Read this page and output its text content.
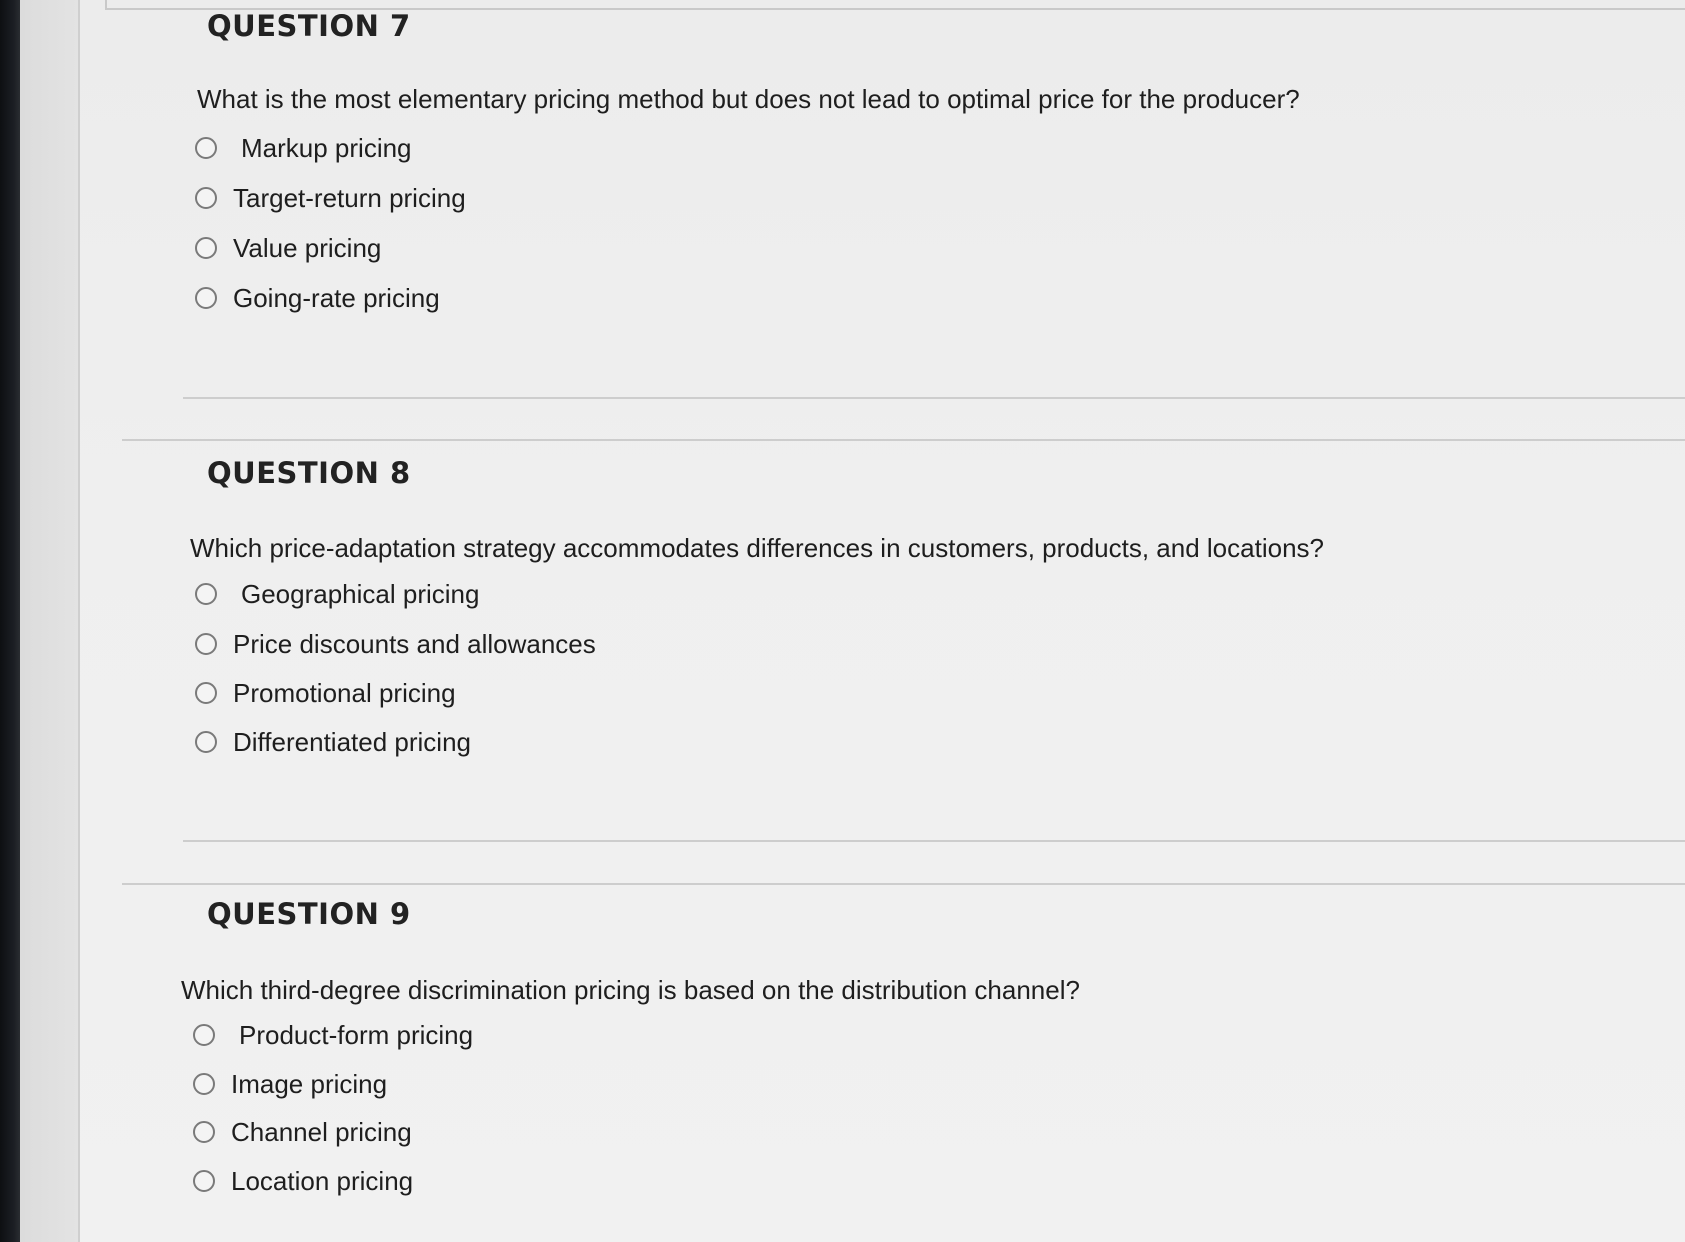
QUESTION 7
What is the most elementary pricing method but does not lead to optimal price for the producer?
Markup pricing
Target-return pricing
Value pricing
Going-rate pricing
QUESTION 8
Which price-adaptation strategy accommodates differences in customers, products, and locations?
Geographical pricing
Price discounts and allowances
Promotional pricing
Differentiated pricing
QUESTION 9
Which third-degree discrimination pricing is based on the distribution channel?
Product-form pricing
Image pricing
Channel pricing
Location pricing
